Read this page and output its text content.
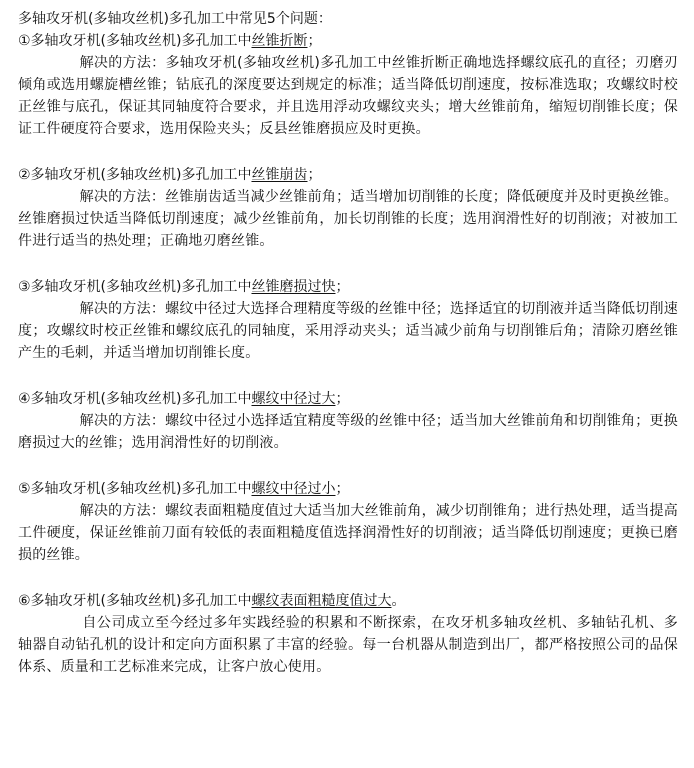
多轴攻牙机(多轴攻丝机)多孔加工中常见5个问题：

①多轴攻牙机(多轴攻丝机)多孔加工中丝锥折断；

解决的方法：多轴攻牙机(多轴攻丝机)多孔加工中丝锥折断正确地选择螺纹底孔的直径；刃磨刃倾角或选用螺旋槽丝锥；钻底孔的深度要达到规定的标准；适当降低切削速度，按标准选取；攻螺纹时校正丝锥与底孔，保证其同轴度符合要求，并且选用浮动攻螺纹夹头；增大丝锥前角，缩短切削锥长度；保证工件硬度符合要求，选用保险夹头；反县丝锥磨损应及时更换。

②多轴攻牙机(多轴攻丝机)多孔加工中丝锥崩齿；

解决的方法：丝锥崩齿适当减少丝锥前角；适当增加切削锥的长度；降低硬度并及时更换丝锥。丝锥磨损过快适当降低切削速度；减少丝锥前角，加长切削锥的长度；选用润滑性好的切削液；对被加工件进行适当的热处理；正确地刃磨丝锥。

③多轴攻牙机(多轴攻丝机)多孔加工中丝锥磨损过快；

解决的方法：螺纹中径过大选择合理精度等级的丝锥中径；选择适宜的切削液并适当降低切削速度；攻螺纹时校正丝锥和螺纹底孔的同轴度，采用浮动夹头；适当减少前角与切削锥后角；清除刃磨丝锥产生的毛刺，并适当增加切削锥长度。

④多轴攻牙机(多轴攻丝机)多孔加工中螺纹中径过大；

解决的方法：螺纹中径过小选择适宜精度等级的丝锥中径；适当加大丝锥前角和切削锥角；更换磨损过大的丝锥；选用润滑性好的切削液。

⑤多轴攻牙机(多轴攻丝机)多孔加工中螺纹中径过小；

解决的方法：螺纹表面粗糙度值过大适当加大丝锥前角，减少切削锥角；进行热处理，适当提高工件硬度，保证丝锥前刀面有较低的表面粗糙度值选择润滑性好的切削液；适当降低切削速度；更换已磨损的丝锥。

⑥多轴攻牙机(多轴攻丝机)多孔加工中螺纹表面粗糙度值过大。

自公司成立至今经过多年实践经验的积累和不断探索，在攻牙机多轴攻丝机、多轴钻孔机、多轴器自动钻孔机的设计和定向方面积累了丰富的经验。每一台机器从制造到出厂，都严格按照公司的品保体系、质量和工艺标准来完成，让客户放心使用。
